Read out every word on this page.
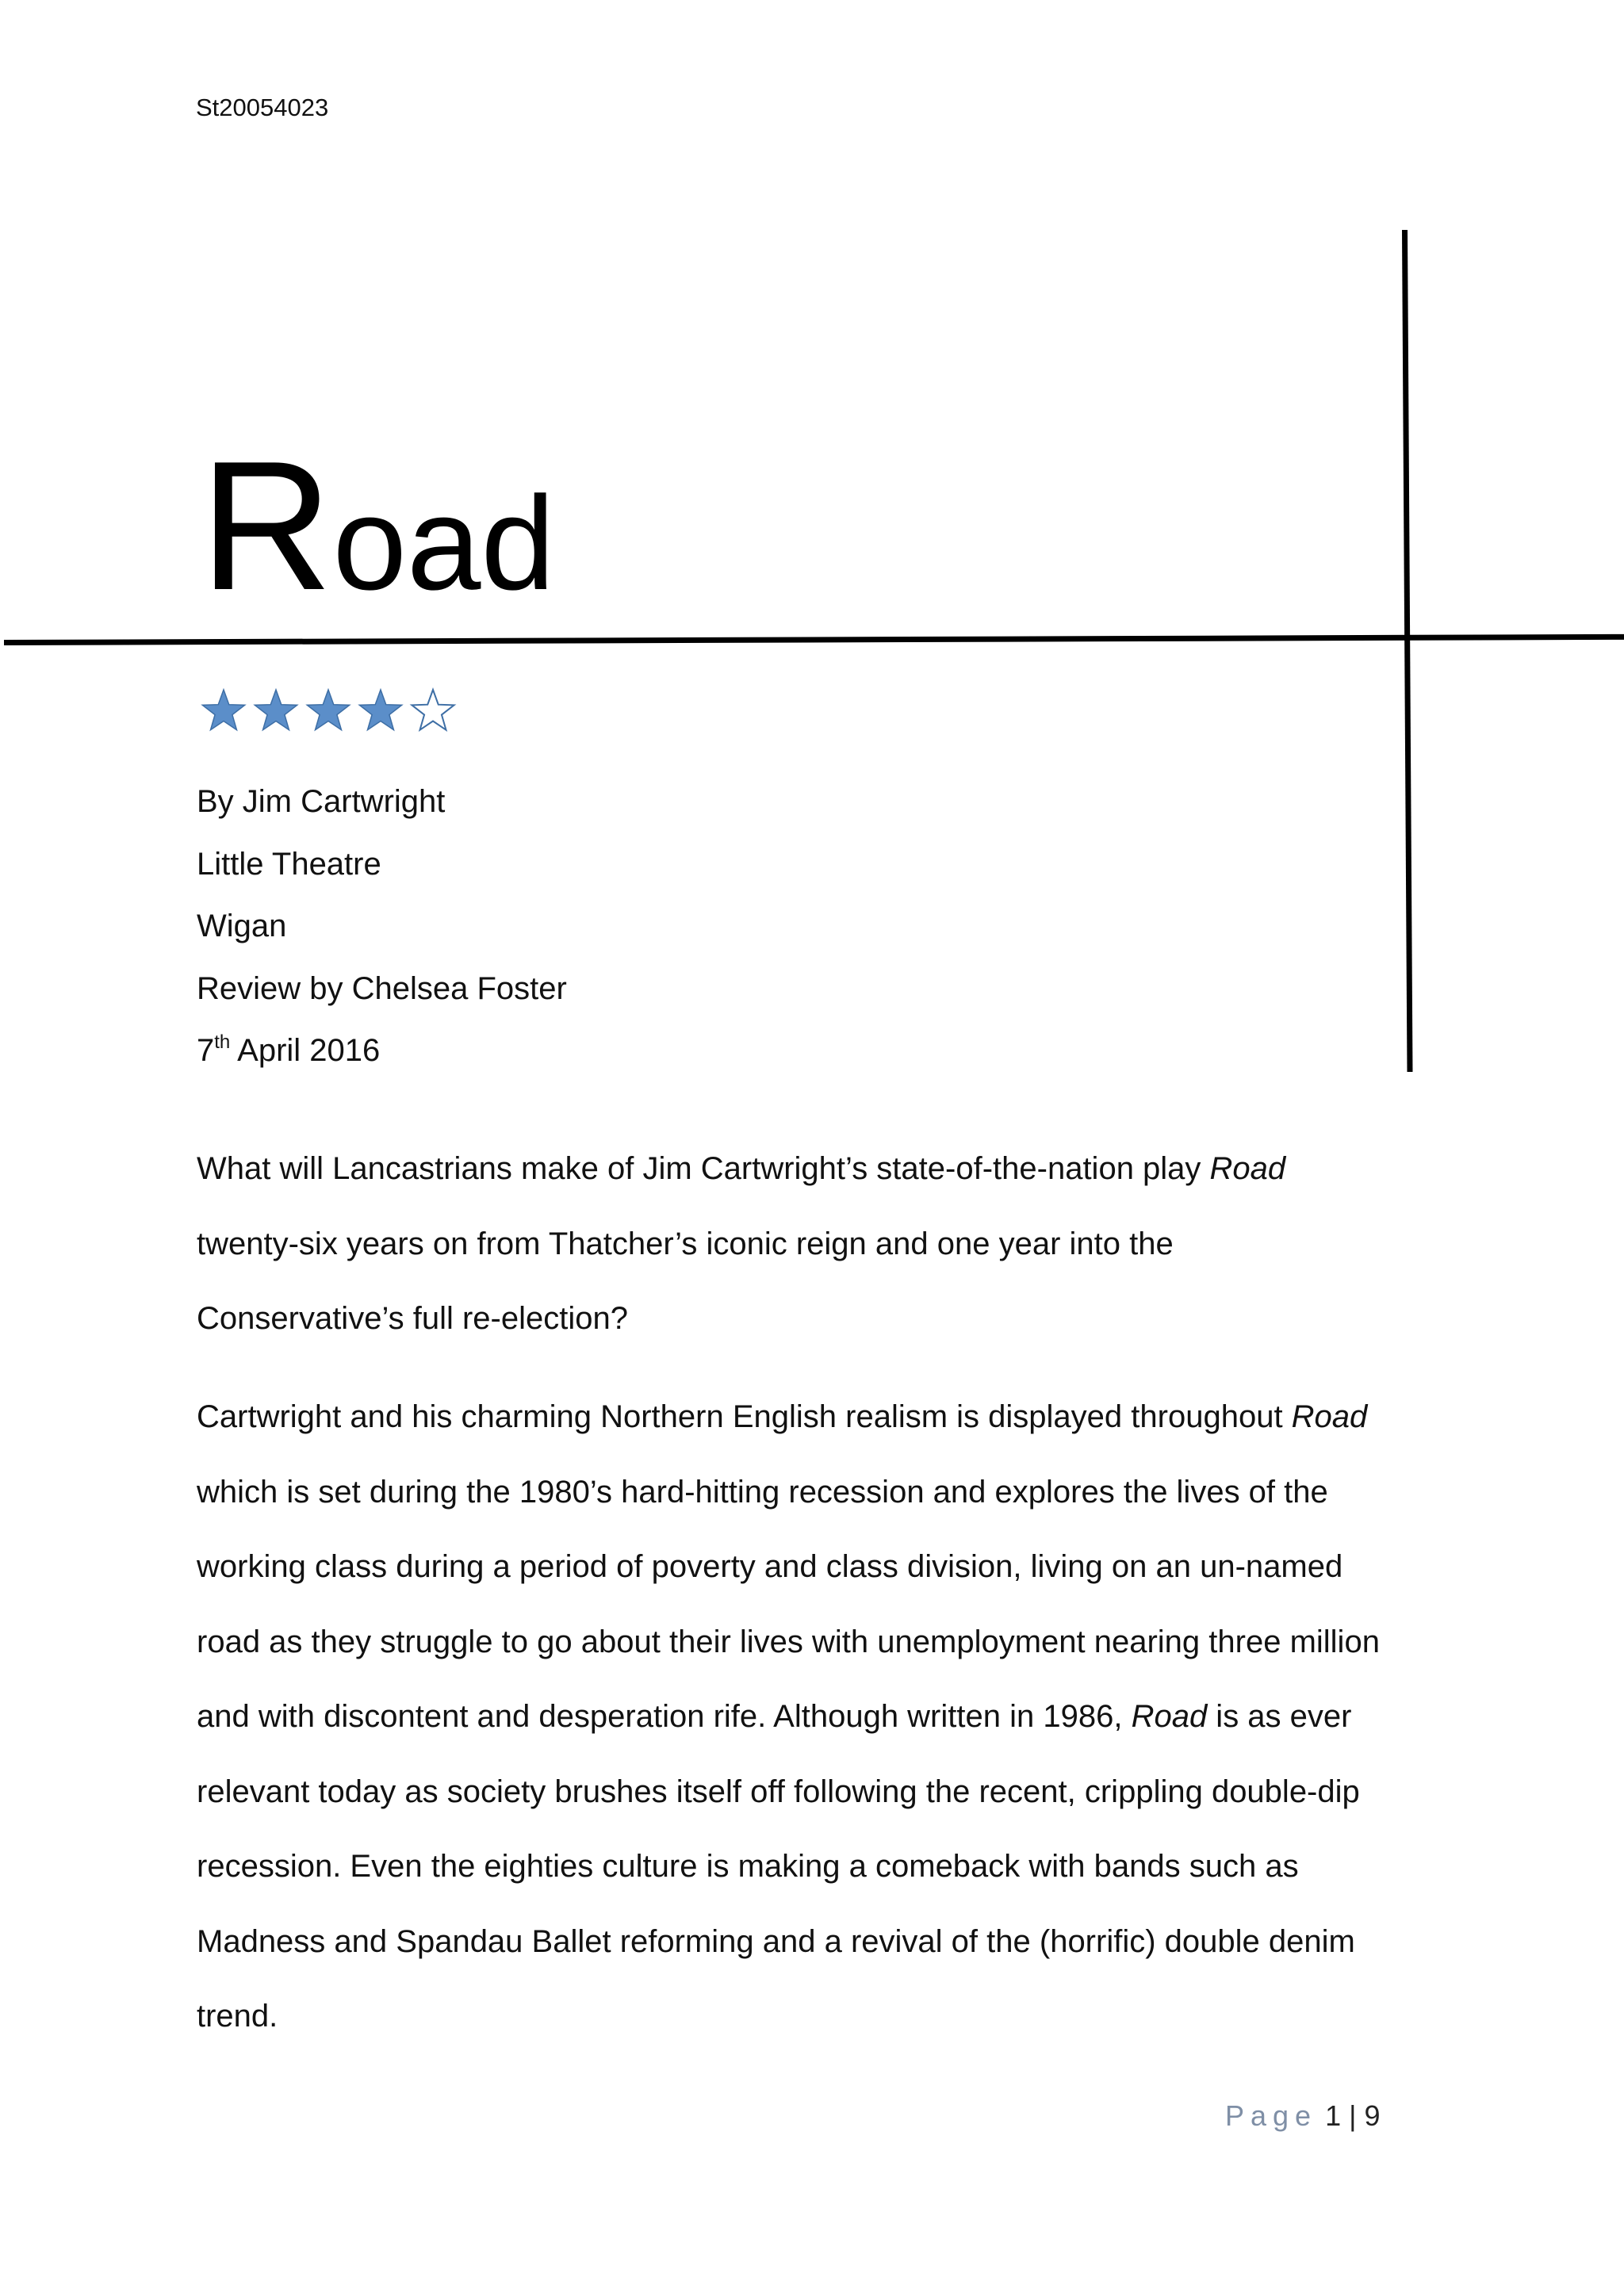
St20054023
Road
By Jim Cartwright
Little Theatre
Wigan
Review by Chelsea Foster
7th April 2016
What will Lancastrians make of Jim Cartwright’s state-of-the-nation play Road
twenty-six years on from Thatcher’s iconic reign and one year into the
Conservative’s full re-election?
Cartwright and his charming Northern English realism is displayed throughout Road
which is set during the 1980’s hard-hitting recession and explores the lives of the
working class during a period of poverty and class division, living on an un-named
road as they struggle to go about their lives with unemployment nearing three million
and with discontent and desperation rife. Although written in 1986, Road is as ever
relevant today as society brushes itself off following the recent, crippling double-dip
recession. Even the eighties culture is making a comeback with bands such as
Madness and Spandau Ballet reforming and a revival of the (horrific) double denim
trend.
Page 1 | 9
